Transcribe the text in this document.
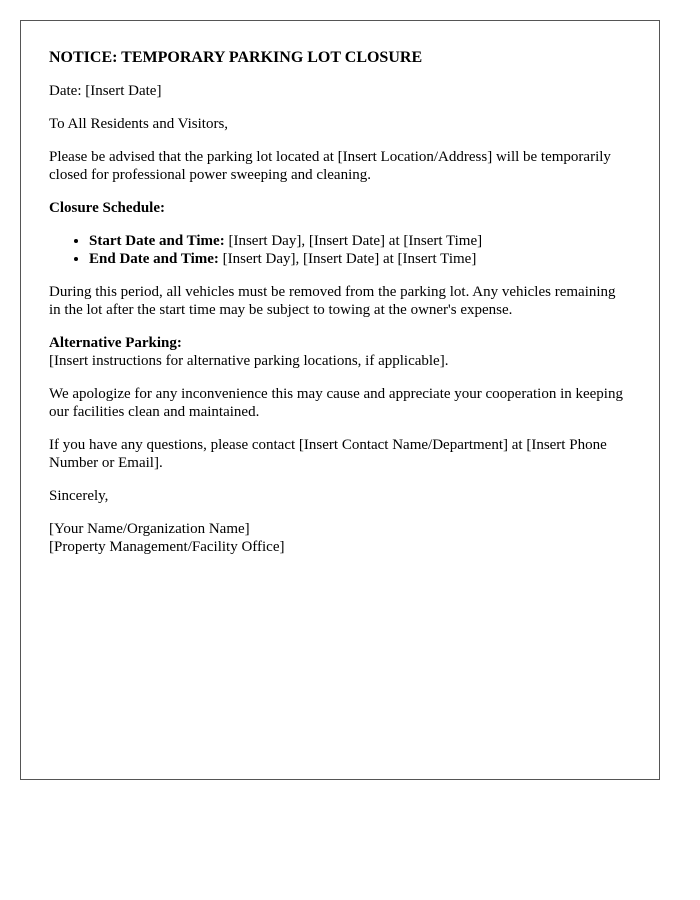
NOTICE: TEMPORARY PARKING LOT CLOSURE

Date: [Insert Date]

To All Residents and Visitors,

Please be advised that the parking lot located at [Insert Location/Address] will be temporarily closed for professional power sweeping and cleaning.

Closure Schedule:
• Start Date and Time: [Insert Day], [Insert Date] at [Insert Time]
• End Date and Time: [Insert Day], [Insert Date] at [Insert Time]

During this period, all vehicles must be removed from the parking lot. Any vehicles remaining in the lot after the start time may be subject to towing at the owner's expense.

Alternative Parking:
[Insert instructions for alternative parking locations, if applicable].

We apologize for any inconvenience this may cause and appreciate your cooperation in keeping our facilities clean and maintained.

If you have any questions, please contact [Insert Contact Name/Department] at [Insert Phone Number or Email].

Sincerely,

[Your Name/Organization Name]
[Property Management/Facility Office]
